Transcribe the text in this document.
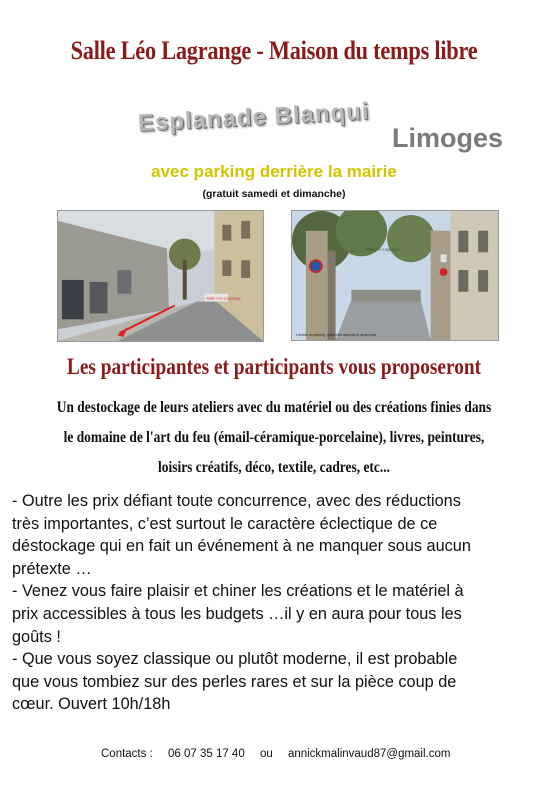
Salle Léo Lagrange - Maison du temps libre
Esplanade Blanqui
Limoges
avec parking derrière la mairie
(gratuit samedi et dimanche)
Salle Léo Lagrange
Salle Léo Lagrange
L'entrée du parking : gratuit les samedis et dimanches
Les participantes et participants vous proposeront
Un destockage de leurs ateliers avec du matériel ou des créations finies dans
le domaine de l'art du feu (émail-céramique-porcelaine), livres, peintures,
loisirs créatifs, déco, textile, cadres, etc...

- Outre les prix défiant toute concurrence, avec des réductions

très importantes, c’est surtout le caractère éclectique de ce

déstockage qui en fait un événement à ne manquer sous aucun

prétexte …

- Venez vous faire plaisir et chiner les créations et le matériel à

prix accessibles à tous les budgets …il y en aura pour tous les

goûts !

- Que vous soyez classique ou plutôt moderne, il est probable

que vous tombiez sur des perles rares et sur la pièce coup de

cœur. Ouvert 10h/18h

Contacts : 06 07 35 17 40 ou annickmalinvaud87@gmail.com
